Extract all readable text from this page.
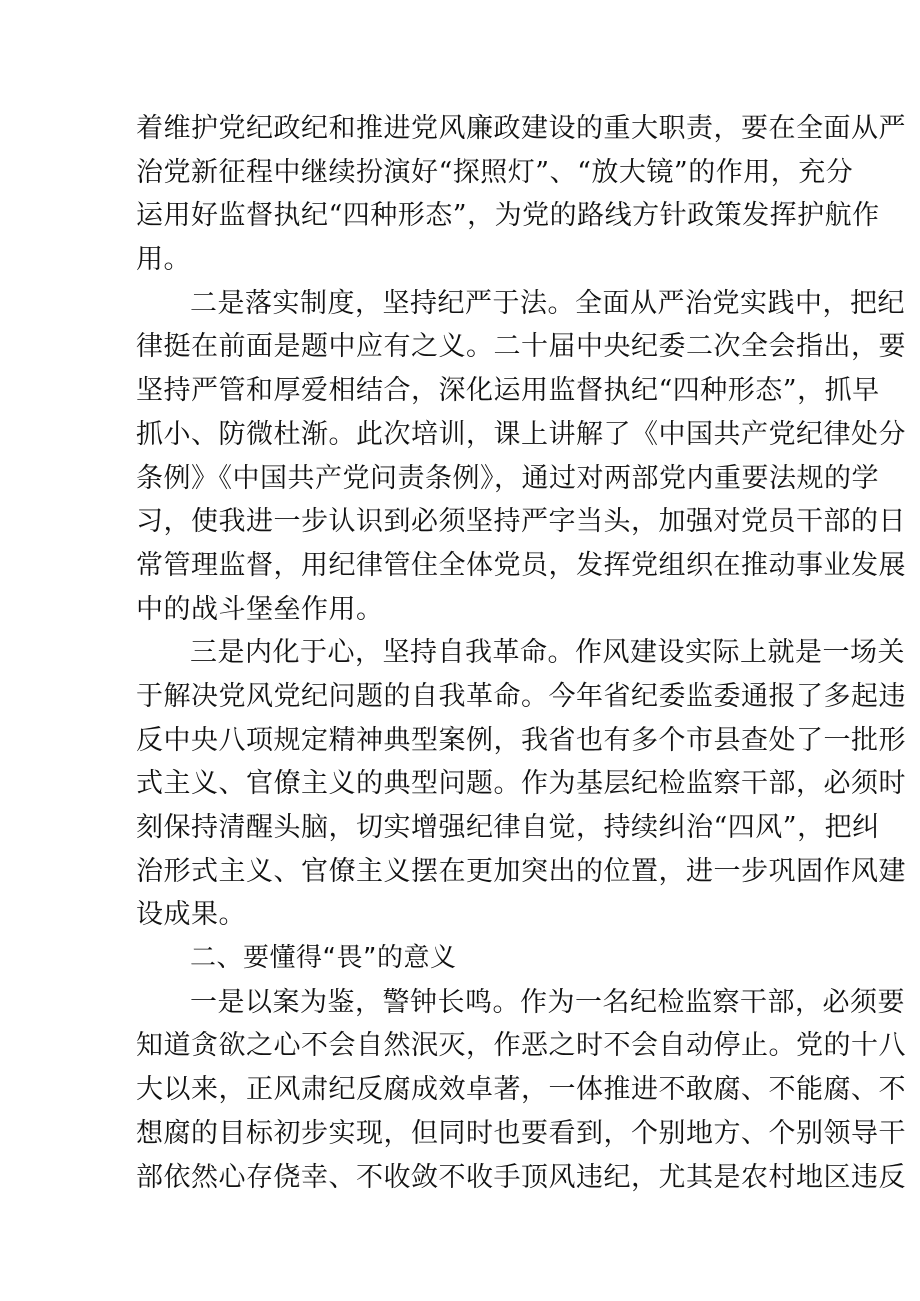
着维护党纪政纪和推进党风廉政建设的重大职责，要在全面从严
治党新征程中继续扮演好“探照灯”、“放大镜”的作用，充分
运用好监督执纪“四种形态”，为党的路线方针政策发挥护航作
用。
二是落实制度，坚持纪严于法。全面从严治党实践中，把纪
律挺在前面是题中应有之义。二十届中央纪委二次全会指出，要
坚持严管和厚爱相结合，深化运用监督执纪“四种形态”，抓早
抓小、防微杜渐。此次培训，课上讲解了《中国共产党纪律处分
条例》《中国共产党问责条例》，通过对两部党内重要法规的学
习，使我进一步认识到必须坚持严字当头，加强对党员干部的日
常管理监督，用纪律管住全体党员，发挥党组织在推动事业发展
中的战斗堡垒作用。
三是内化于心，坚持自我革命。作风建设实际上就是一场关
于解决党风党纪问题的自我革命。今年省纪委监委通报了多起违
反中央八项规定精神典型案例，我省也有多个市县查处了一批形
式主义、官僚主义的典型问题。作为基层纪检监察干部，必须时
刻保持清醒头脑，切实增强纪律自觉，持续纠治“四风”，把纠
治形式主义、官僚主义摆在更加突出的位置，进一步巩固作风建
设成果。
二、要懂得“畏”的意义
一是以案为鉴，警钟长鸣。作为一名纪检监察干部，必须要
知道贪欲之心不会自然泯灭，作恶之时不会自动停止。党的十八
大以来，正风肃纪反腐成效卓著，一体推进不敢腐、不能腐、不
想腐的目标初步实现，但同时也要看到，个别地方、个别领导干
部依然心存侥幸、不收敛不收手顶风违纪，尤其是农村地区违反
